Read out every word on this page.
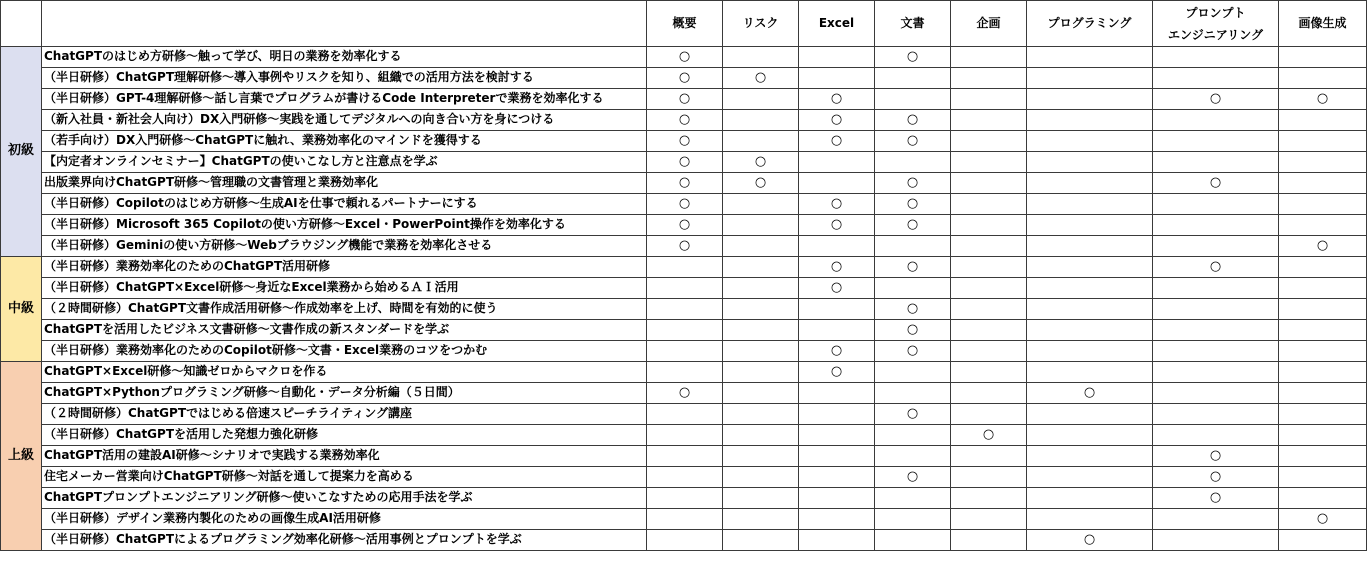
		概要	リスク	Excel	文書	企画	プログラミング	プロンプト
エンジニアリング	画像生成
初級	ChatGPTのはじめ方研修～触って学び、明日の業務を効率化する	○			○				
	（半日研修）ChatGPT理解研修～導入事例やリスクを知り、組織での活用方法を検討する	○	○						
	（半日研修）GPT-4理解研修～話し言葉でプログラムが書けるCode Interpreterで業務を効率化する	○		○				○	○
	（新入社員・新社会人向け）DX入門研修～実践を通してデジタルへの向き合い方を身につける	○		○	○				
	（若手向け）DX入門研修～ChatGPTに触れ、業務効率化のマインドを獲得する	○		○	○				
	【内定者オンラインセミナー】ChatGPTの使いこなし方と注意点を学ぶ	○	○						
	出版業界向けChatGPT研修～管理職の文書管理と業務効率化	○	○		○			○	
	（半日研修）Copilotのはじめ方研修～生成AIを仕事で頼れるパートナーにする	○		○	○				
	（半日研修）Microsoft 365 Copilotの使い方研修～Excel・PowerPoint操作を効率化する	○		○	○				
	（半日研修）Geminiの使い方研修～Webブラウジング機能で業務を効率化させる	○							○
中級	（半日研修）業務効率化のためのChatGPT活用研修			○	○			○	
	（半日研修）ChatGPT×Excel研修～身近なExcel業務から始めるＡＩ活用			○					
	（２時間研修）ChatGPT文書作成活用研修～作成効率を上げ、時間を有効的に使う				○				
	ChatGPTを活用したビジネス文書研修～文書作成の新スタンダードを学ぶ				○				
	（半日研修）業務効率化のためのCopilot研修～文書・Excel業務のコツをつかむ			○	○				
上級	ChatGPT×Excel研修～知識ゼロからマクロを作る			○					
	ChatGPT×Pythonプログラミング研修～自動化・データ分析編（５日間）	○					○		
	（２時間研修）ChatGPTではじめる倍速スピーチライティング講座				○				
	（半日研修）ChatGPTを活用した発想力強化研修					○			
	ChatGPT活用の建設AI研修～シナリオで実践する業務効率化							○	
	住宅メーカー営業向けChatGPT研修～対話を通して提案力を高める				○			○	
	ChatGPTプロンプトエンジニアリング研修～使いこなすための応用手法を学ぶ							○	
	（半日研修）デザイン業務内製化のための画像生成AI活用研修								○
	（半日研修）ChatGPTによるプログラミング効率化研修～活用事例とプロンプトを学ぶ						○		
